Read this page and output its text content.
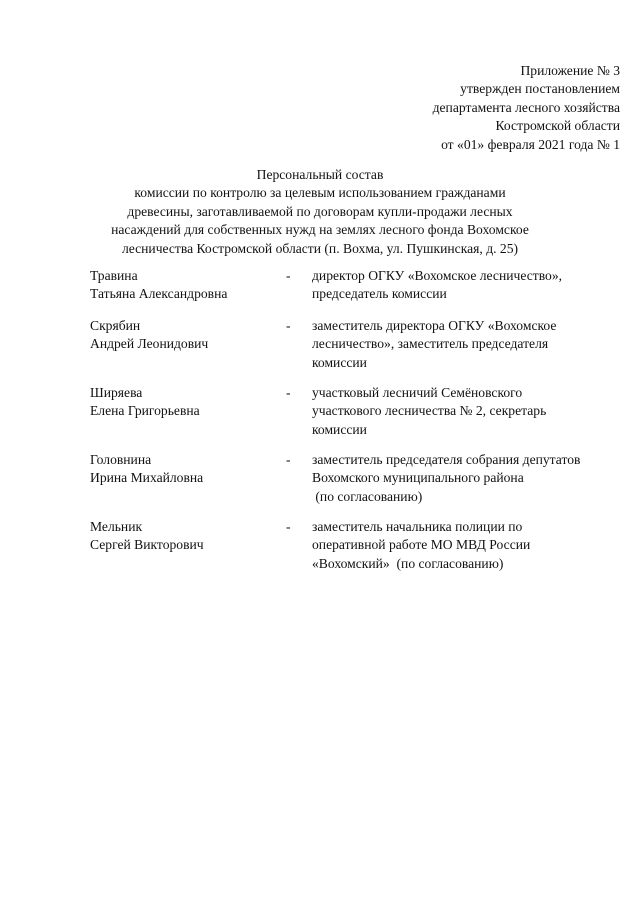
Приложение № 3
утвержден постановлением
департамента лесного хозяйства
Костромской области
от «01» февраля 2021 года № 1
Персональный состав
комиссии по контролю за целевым использованием гражданами
древесины, заготавливаемой по договорам купли-продажи лесных
насаждений для собственных нужд на землях лесного фонда Вохомское
лесничества Костромской области (п. Вохма, ул. Пушкинская, д. 25)
Травина
Татьяна Александровна
- директор ОГКУ «Вохомское лесничество»,
председатель комиссии
Скрябин
Андрей Леонидович
- заместитель директора ОГКУ «Вохомское
лесничество», заместитель председателя
комиссии
Ширяева
Елена Григорьевна
- участковый лесничий Семёновского
участкового лесничества № 2, секретарь
комиссии
Головнина
Ирина Михайловна
- заместитель председателя собрания депутатов
Вохомского муниципального района
(по согласованию)
Мельник
Сергей Викторович
- заместитель начальника полиции по
оперативной работе МО МВД России
«Вохомский»  (по согласованию)
